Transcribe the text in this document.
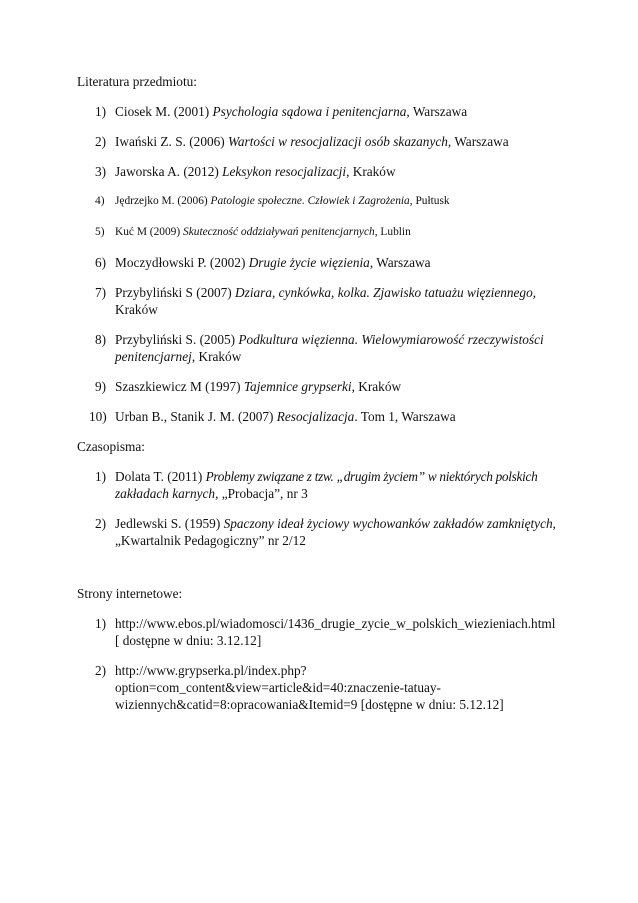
Literatura przedmiotu:
1) Ciosek M. (2001) Psychologia sądowa i penitencjarna, Warszawa
2) Iwański Z. S. (2006) Wartości w resocjalizacji osób skazanych, Warszawa
3) Jaworska A. (2012) Leksykon resocjalizacji, Kraków
4) Jędrzejko M. (2006) Patologie społeczne. Człowiek i Zagrożenia, Pułtusk
5) Kuć M (2009) Skuteczność oddziaływań penitencjarnych, Lublin
6) Moczydłowski P. (2002) Drugie życie więzienia, Warszawa
7) Przybyliński S (2007) Dziara, cynkówka, kolka. Zjawisko tatuażu więziennego,
Kraków
8) Przybyliński S. (2005) Podkultura więzienna. Wielowymiarowość rzeczywistości
penitencjarnej, Kraków
9) Szaszkiewicz M (1997) Tajemnice grypserki, Kraków
10) Urban B., Stanik J. M. (2007) Resocjalizacja. Tom 1, Warszawa
Czasopisma:
1) Dolata T. (2011) Problemy związane z tzw. „drugim życiem” w niektórych polskich
zakładach karnych, „Probacja”, nr 3
2) Jedlewski S. (1959) Spaczony ideał życiowy wychowanków zakładów zamkniętych,
„Kwartalnik Pedagogiczny” nr 2/12
Strony internetowe:
1) http://www.ebos.pl/wiadomosci/1436_drugie_zycie_w_polskich_wiezieniach.html
[ dostępne w dniu: 3.12.12]
2) http://www.grypserka.pl/index.php?
option=com_content&view=article&id=40:znaczenie-tatuay-
wiziennych&catid=8:opracowania&Itemid=9 [dostępne w dniu: 5.12.12]
